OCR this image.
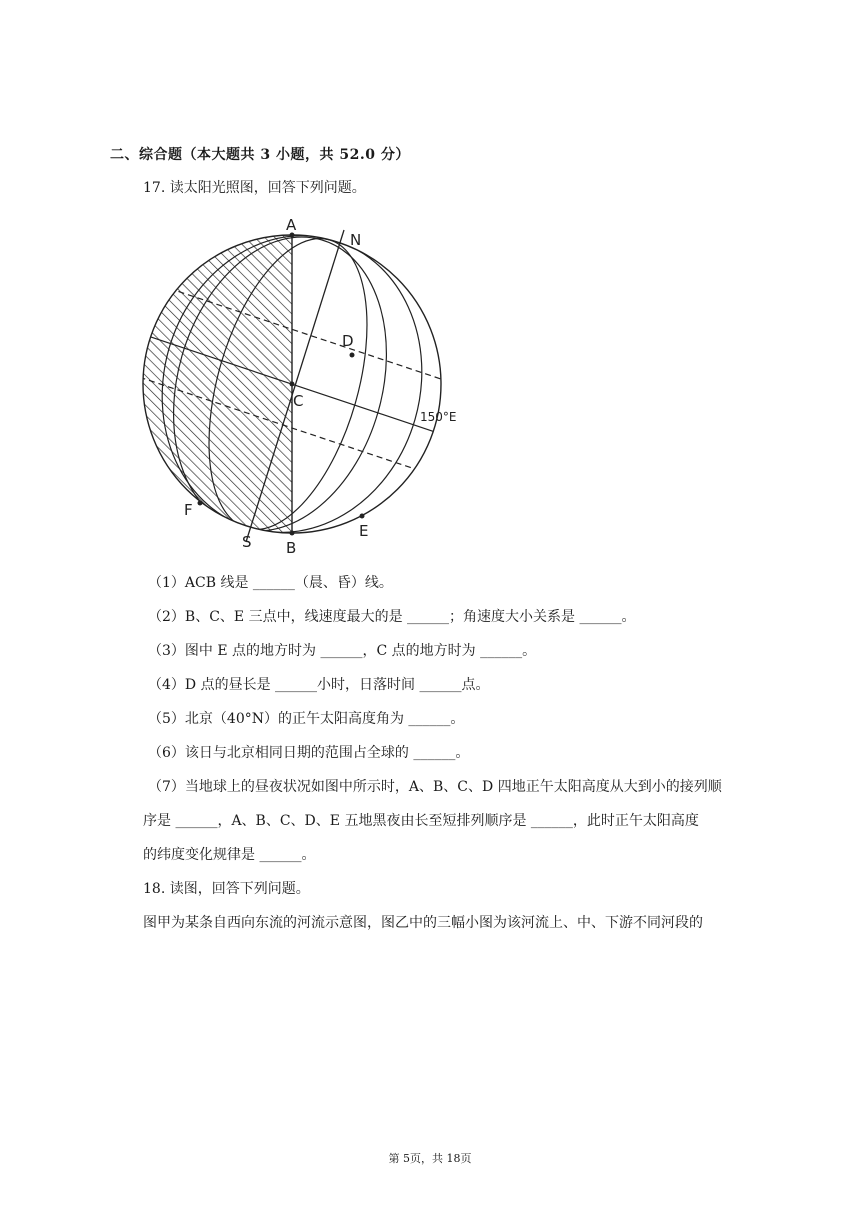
二、综合题（本大题共 3 小题，共 52.0 分）
17. 读太阳光照图，回答下列问题。
A
N
D
C
150°E
F
E
S B
（1）ACB 线是 ______（晨、昏）线。
（2）B、C、E 三点中，线速度最大的是 ______；角速度大小关系是 ______。
（3）图中 E 点的地方时为 ______，C 点的地方时为 ______。
（4）D 点的昼长是 ______小时，日落时间 ______点。
（5）北京（40°N）的正午太阳高度角为 ______。
（6）该日与北京相同日期的范围占全球的 ______。
（7）当地球上的昼夜状况如图中所示时，A、B、C、D 四地正午太阳高度从大到小的接列顺
序是 ______，A、B、C、D、E 五地黑夜由长至短排列顺序是 ______，此时正午太阳高度
的纬度变化规律是 ______。
18. 读图，回答下列问题。
图甲为某条自西向东流的河流示意图，图乙中的三幅小图为该河流上、中、下游不同河段的
第 5页，共 18页
